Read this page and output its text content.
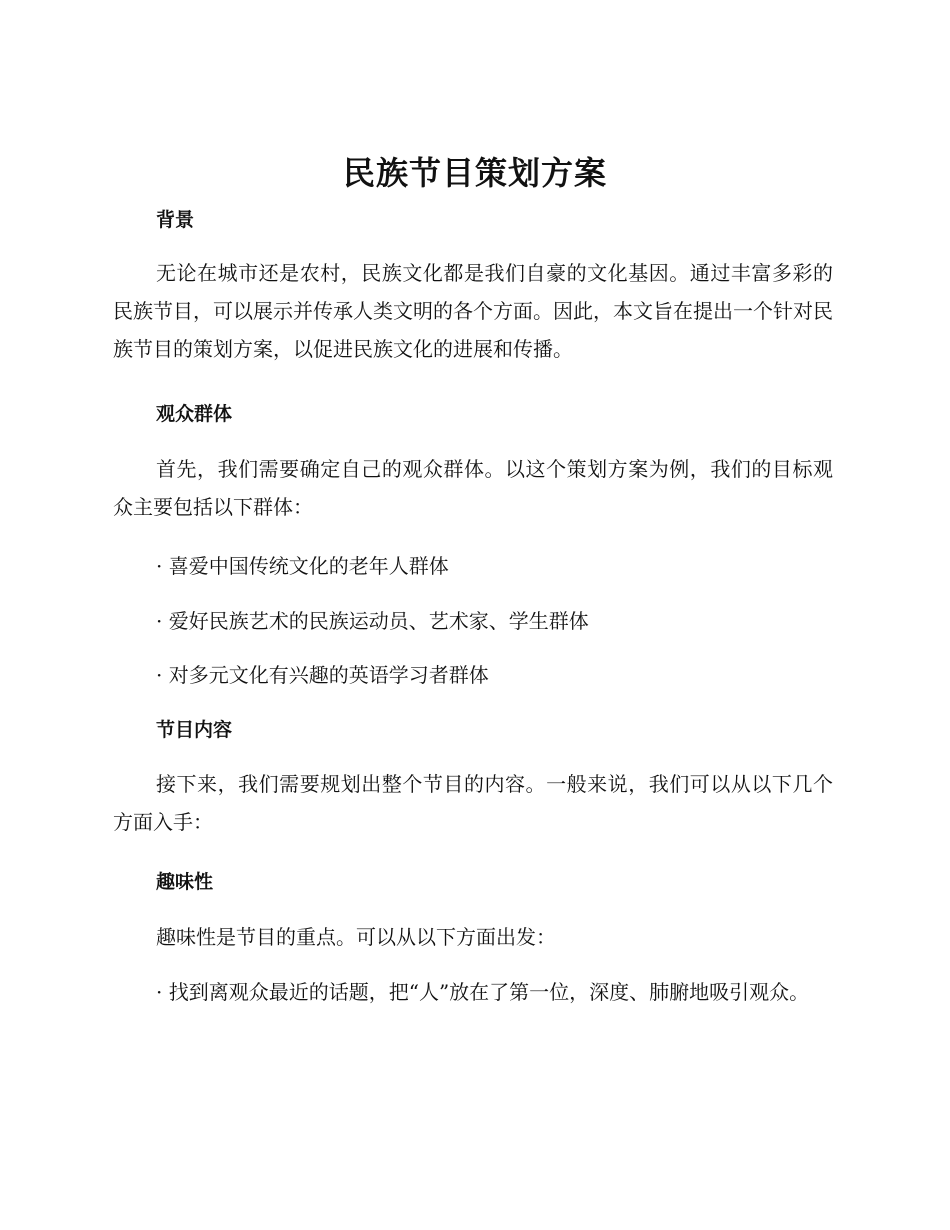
民族节目策划方案
背景

无论在城市还是农村，民族文化都是我们自豪的文化基因。通过丰富多彩的民族节目，可以展示并传承人类文明的各个方面。因此，本文旨在提出一个针对民族节目的策划方案，以促进民族文化的进展和传播。

观众群体

首先，我们需要确定自己的观众群体。以这个策划方案为例，我们的目标观众主要包括以下群体：

· 喜爱中国传统文化的老年人群体

· 爱好民族艺术的民族运动员、艺术家、学生群体

· 对多元文化有兴趣的英语学习者群体

节目内容

接下来，我们需要规划出整个节目的内容。一般来说，我们可以从以下几个方面入手：

趣味性

趣味性是节目的重点。可以从以下方面出发：

· 找到离观众最近的话题，把“人”放在了第一位，深度、肺腑地吸引观众。
